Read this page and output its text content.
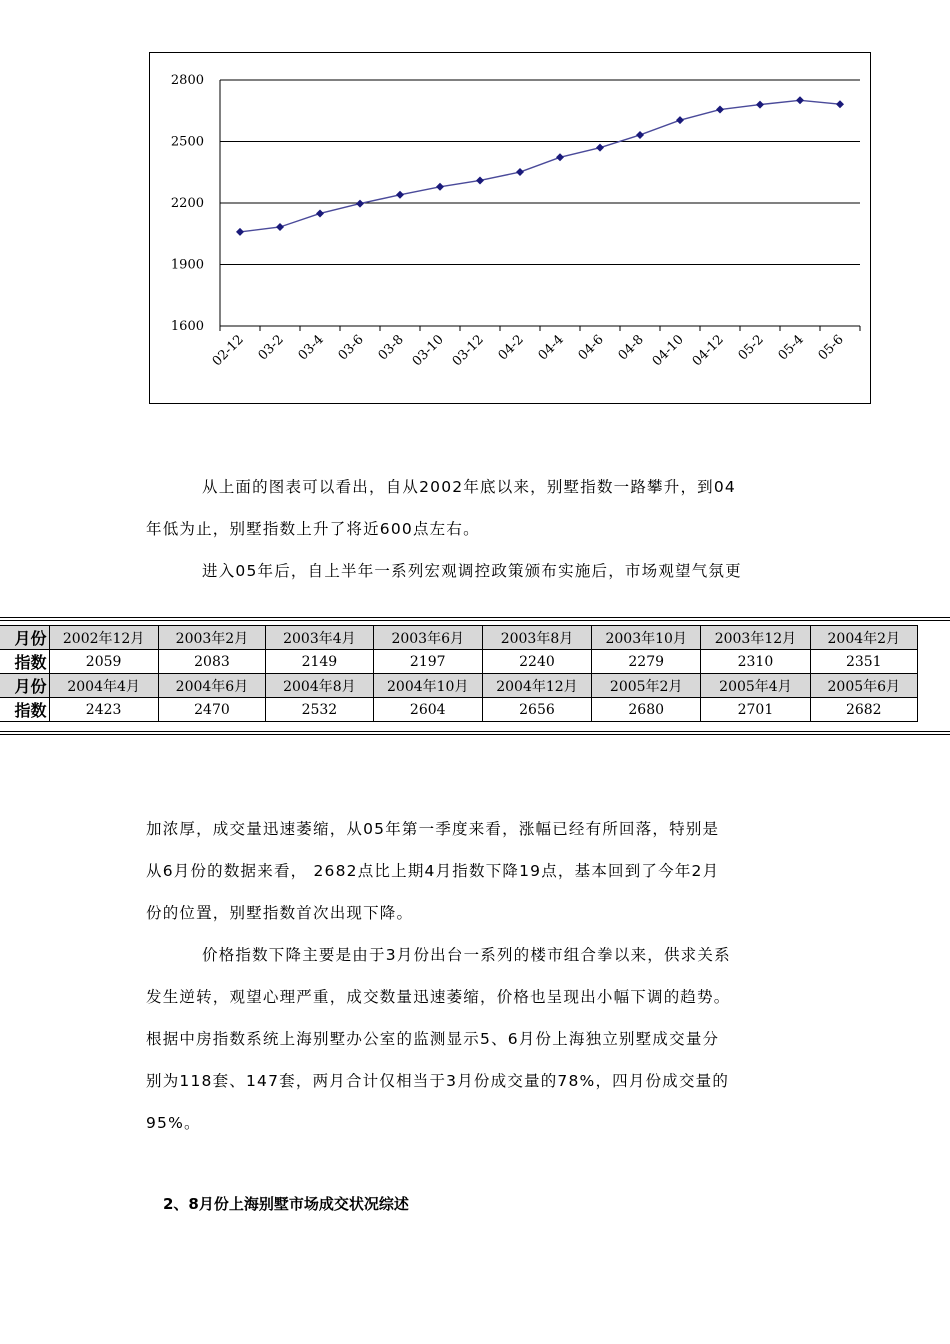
1600
1900
2200
2500
2800
02-12 03-2 03-4 03-6 03-8 03-10 03-12 04-2 04-4 04-6 04-8 04-10 04-12 05-2 05-4 05-6

从上面的图表可以看出，自从2002年底以来，别墅指数一路攀升，到04

年低为止，别墅指数上升了将近600点左右。

进入05年后，自上半年一系列宏观调控政策颁布实施后，市场观望气氛更

月份	2002年12月	2003年2月	2003年4月	2003年6月	2003年8月	2003年10月	2003年12月	2004年2月
指数	2059	2083	2149	2197	2240	2279	2310	2351
月份	2004年4月	2004年6月	2004年8月	2004年10月	2004年12月	2005年2月	2005年4月	2005年6月
指数	2423	2470	2532	2604	2656	2680	2701	2682

加浓厚，成交量迅速萎缩，从05年第一季度来看，涨幅已经有所回落，特别是

从6月份的数据来看， 2682点比上期4月指数下降19点，基本回到了今年2月

份的位置，别墅指数首次出现下降。

价格指数下降主要是由于3月份出台一系列的楼市组合拳以来，供求关系

发生逆转，观望心理严重，成交数量迅速萎缩，价格也呈现出小幅下调的趋势。

根据中房指数系统上海别墅办公室的监测显示5、6月份上海独立别墅成交量分

别为118套、147套，两月合计仅相当于3月份成交量的78%，四月份成交量的

95%。

2、8月份上海别墅市场成交状况综述
